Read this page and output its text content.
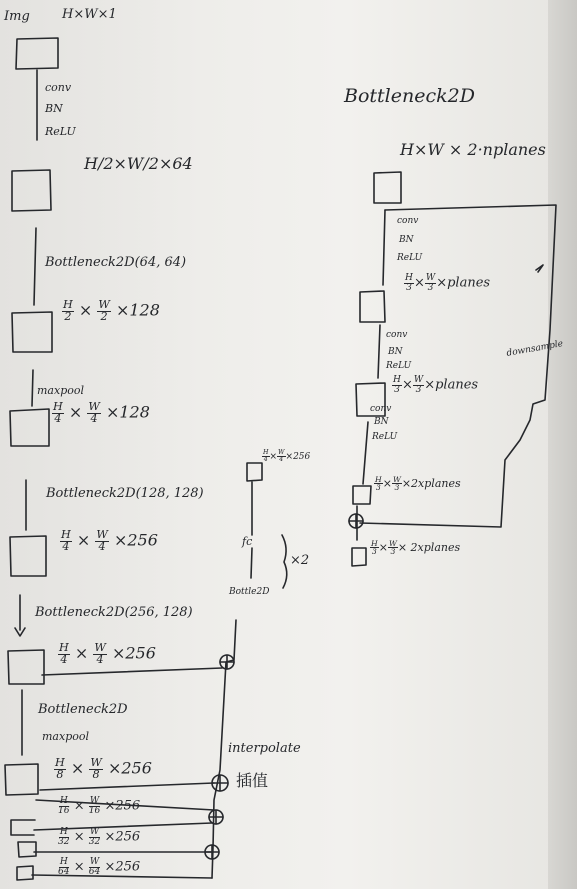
Img H×W×1
conv
BN
ReLU
H/2×W/2×64
Bottleneck2D(64, 64)
$\frac{H}{2} \times \frac{W}{2} \times 128$
maxpool
$\frac{H}{4} \times \frac{W}{4} \times 128$
Bottleneck2D(128, 128)
$\frac{H}{4} \times \frac{W}{4} \times 256$
Bottleneck2D(256, 128)
$\frac{H}{4} \times \frac{W}{4} \times 256$
Bottleneck2D
maxpool
$\frac{H}{8} \times \frac{W}{8} \times 256$
$\frac{H}{16} \times \frac{W}{16} \times 256$
$\frac{H}{32} \times \frac{W}{32} \times 256$
$\frac{H}{64} \times \frac{W}{64} \times 256$
$\frac{H}{4} \times \frac{W}{4} \times 256$
fc
×2
Bottle2D
interpolate
插值
Bottleneck2D
H×W × 2·nplanes
conv
BN
ReLU
$\frac{H}{3} \times \frac{W}{3}$ ×planes
conv
BN
ReLU
$\frac{H}{3} \times \frac{W}{3}$ ×planes
conv
BN
ReLU
$\frac{H}{3} \times \frac{W}{3}$ ×2xplanes
$\frac{H}{3} \times \frac{W}{3}$ × 2xplanes
downsample
